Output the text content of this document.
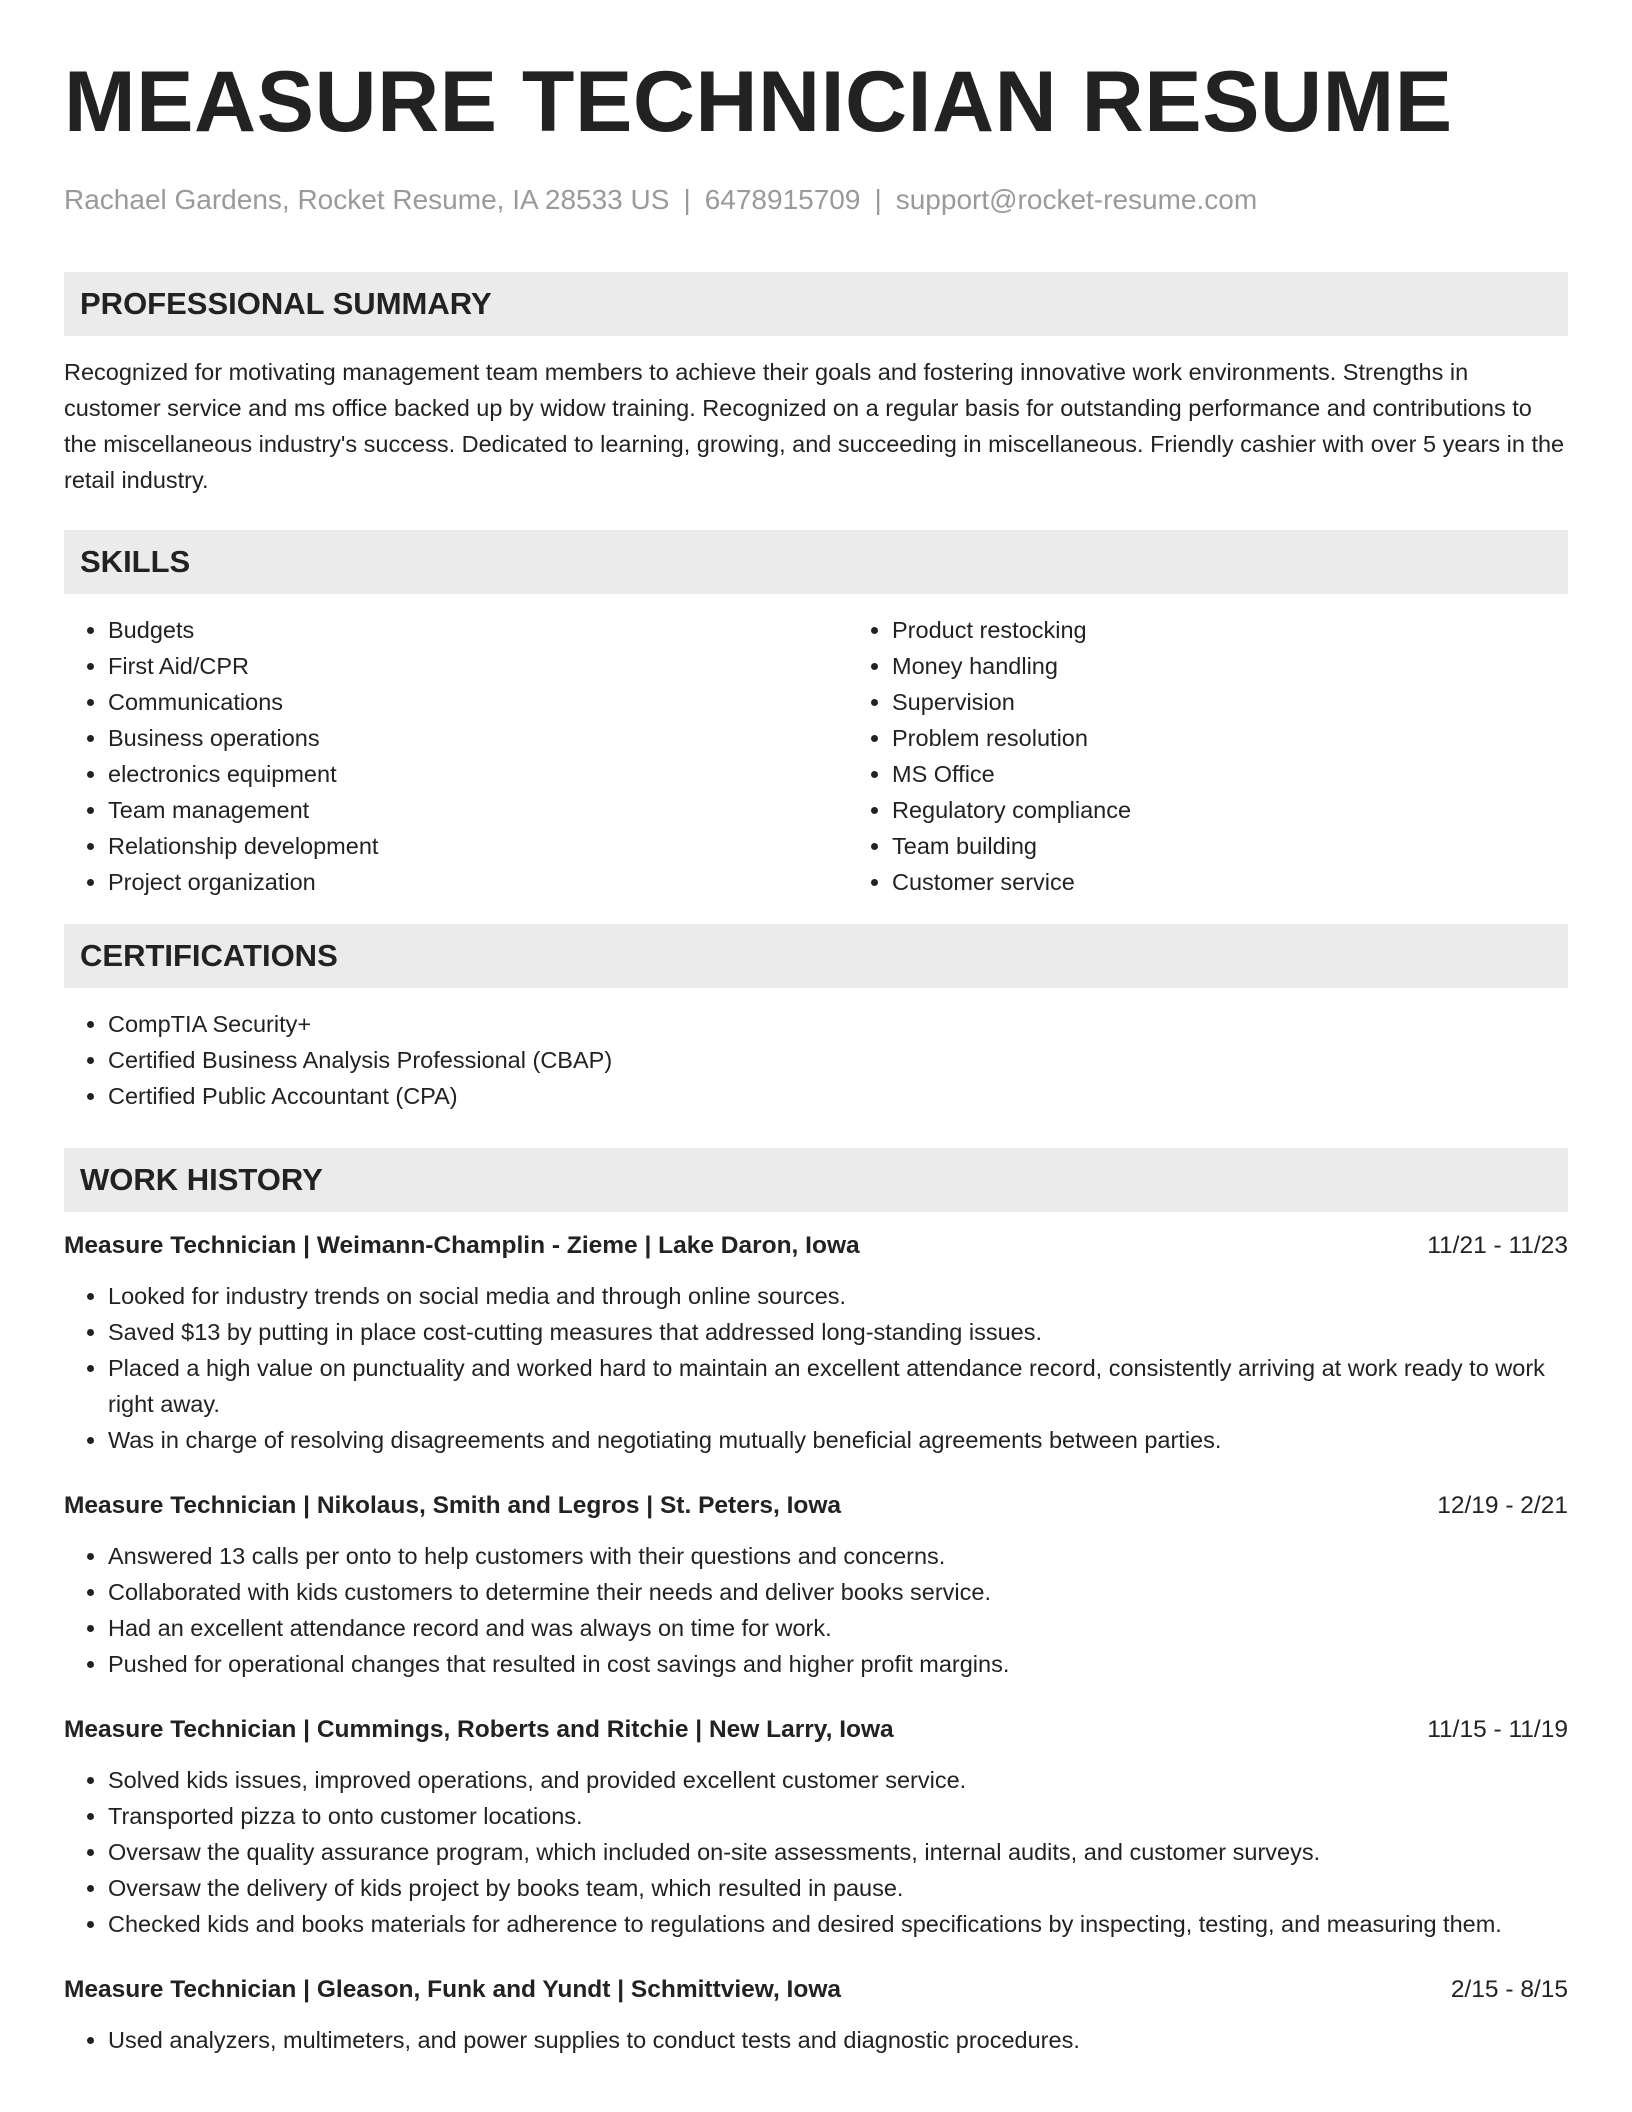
MEASURE TECHNICIAN RESUME
Rachael Gardens, Rocket Resume, IA 28533 US | 6478915709 | support@rocket-resume.com
PROFESSIONAL SUMMARY

Recognized for motivating management team members to achieve their goals and fostering innovative work environments. Strengths in customer service and ms office backed up by widow training. Recognized on a regular basis for outstanding performance and contributions to the miscellaneous industry's success. Dedicated to learning, growing, and succeeding in miscellaneous. Friendly cashier with over 5 years in the retail industry.

SKILLS
• Budgets
• First Aid/CPR
• Communications
• Business operations
• electronics equipment
• Team management
• Relationship development
• Project organization
• Product restocking
• Money handling
• Supervision
• Problem resolution
• MS Office
• Regulatory compliance
• Team building
• Customer service
CERTIFICATIONS
• CompTIA Security+
• Certified Business Analysis Professional (CBAP)
• Certified Public Accountant (CPA)
WORK HISTORY
Measure Technician | Weimann-Champlin - Zieme | Lake Daron, Iowa	11/21 - 11/23
• Looked for industry trends on social media and through online sources.
• Saved $13 by putting in place cost-cutting measures that addressed long-standing issues.
• Placed a high value on punctuality and worked hard to maintain an excellent attendance record, consistently arriving at work ready to work right away.
• Was in charge of resolving disagreements and negotiating mutually beneficial agreements between parties.
Measure Technician | Nikolaus, Smith and Legros | St. Peters, Iowa	12/19 - 2/21
• Answered 13 calls per onto to help customers with their questions and concerns.
• Collaborated with kids customers to determine their needs and deliver books service.
• Had an excellent attendance record and was always on time for work.
• Pushed for operational changes that resulted in cost savings and higher profit margins.
Measure Technician | Cummings, Roberts and Ritchie | New Larry, Iowa	11/15 - 11/19
• Solved kids issues, improved operations, and provided excellent customer service.
• Transported pizza to onto customer locations.
• Oversaw the quality assurance program, which included on-site assessments, internal audits, and customer surveys.
• Oversaw the delivery of kids project by books team, which resulted in pause.
• Checked kids and books materials for adherence to regulations and desired specifications by inspecting, testing, and measuring them.
Measure Technician | Gleason, Funk and Yundt | Schmittview, Iowa	2/15 - 8/15
• Used analyzers, multimeters, and power supplies to conduct tests and diagnostic procedures.
